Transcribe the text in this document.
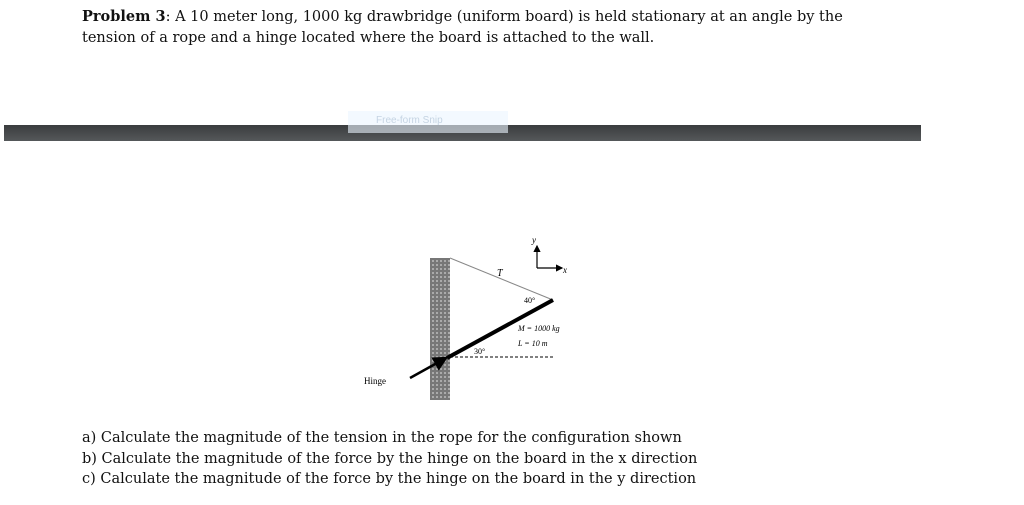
Problem 3: A 10 meter long, 1000 kg drawbridge (uniform board) is held stationary at an angle by the
tension of a rope and a hinge located where the board is attached to the wall.
Free-form Snip
y
x
T
40°
M = 1000 kg
L = 10 m
30°
Hinge
a) Calculate the magnitude of the tension in the rope for the configuration shown
b) Calculate the magnitude of the force by the hinge on the board in the x direction
c) Calculate the magnitude of the force by the hinge on the board in the y direction
